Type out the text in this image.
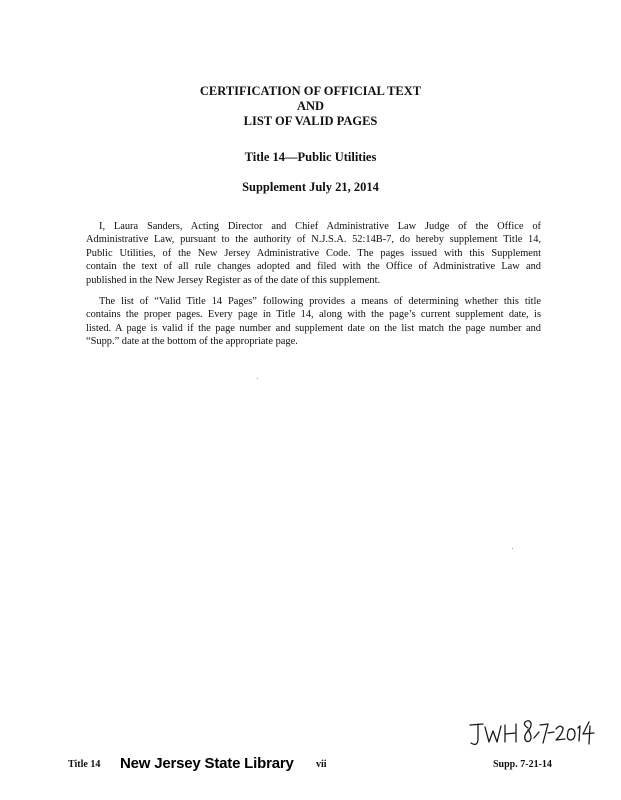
CERTIFICATION OF OFFICIAL TEXT
AND
LIST OF VALID PAGES
Title 14—Public Utilities
Supplement July 21, 2014
I, Laura Sanders, Acting Director and Chief Administrative Law Judge of the Office of
Administrative Law, pursuant to the authority of N.J.S.A. 52:14B-7, do hereby supplement Title 14,
Public Utilities, of the New Jersey Administrative Code. The pages issued with this Supplement
contain the text of all rule changes adopted and filed with the Office of Administrative Law and
published in the New Jersey Register as of the date of this supplement.
The list of “Valid Title 14 Pages” following provides a means of determining whether this title
contains the proper pages. Every page in Title 14, along with the page’s current supplement date, is
listed. A page is valid if the page number and supplement date on the list match the page number and
“Supp.” date at the bottom of the appropriate page.
Title 14 New Jersey State Library vii	Supp. 7-21-14
